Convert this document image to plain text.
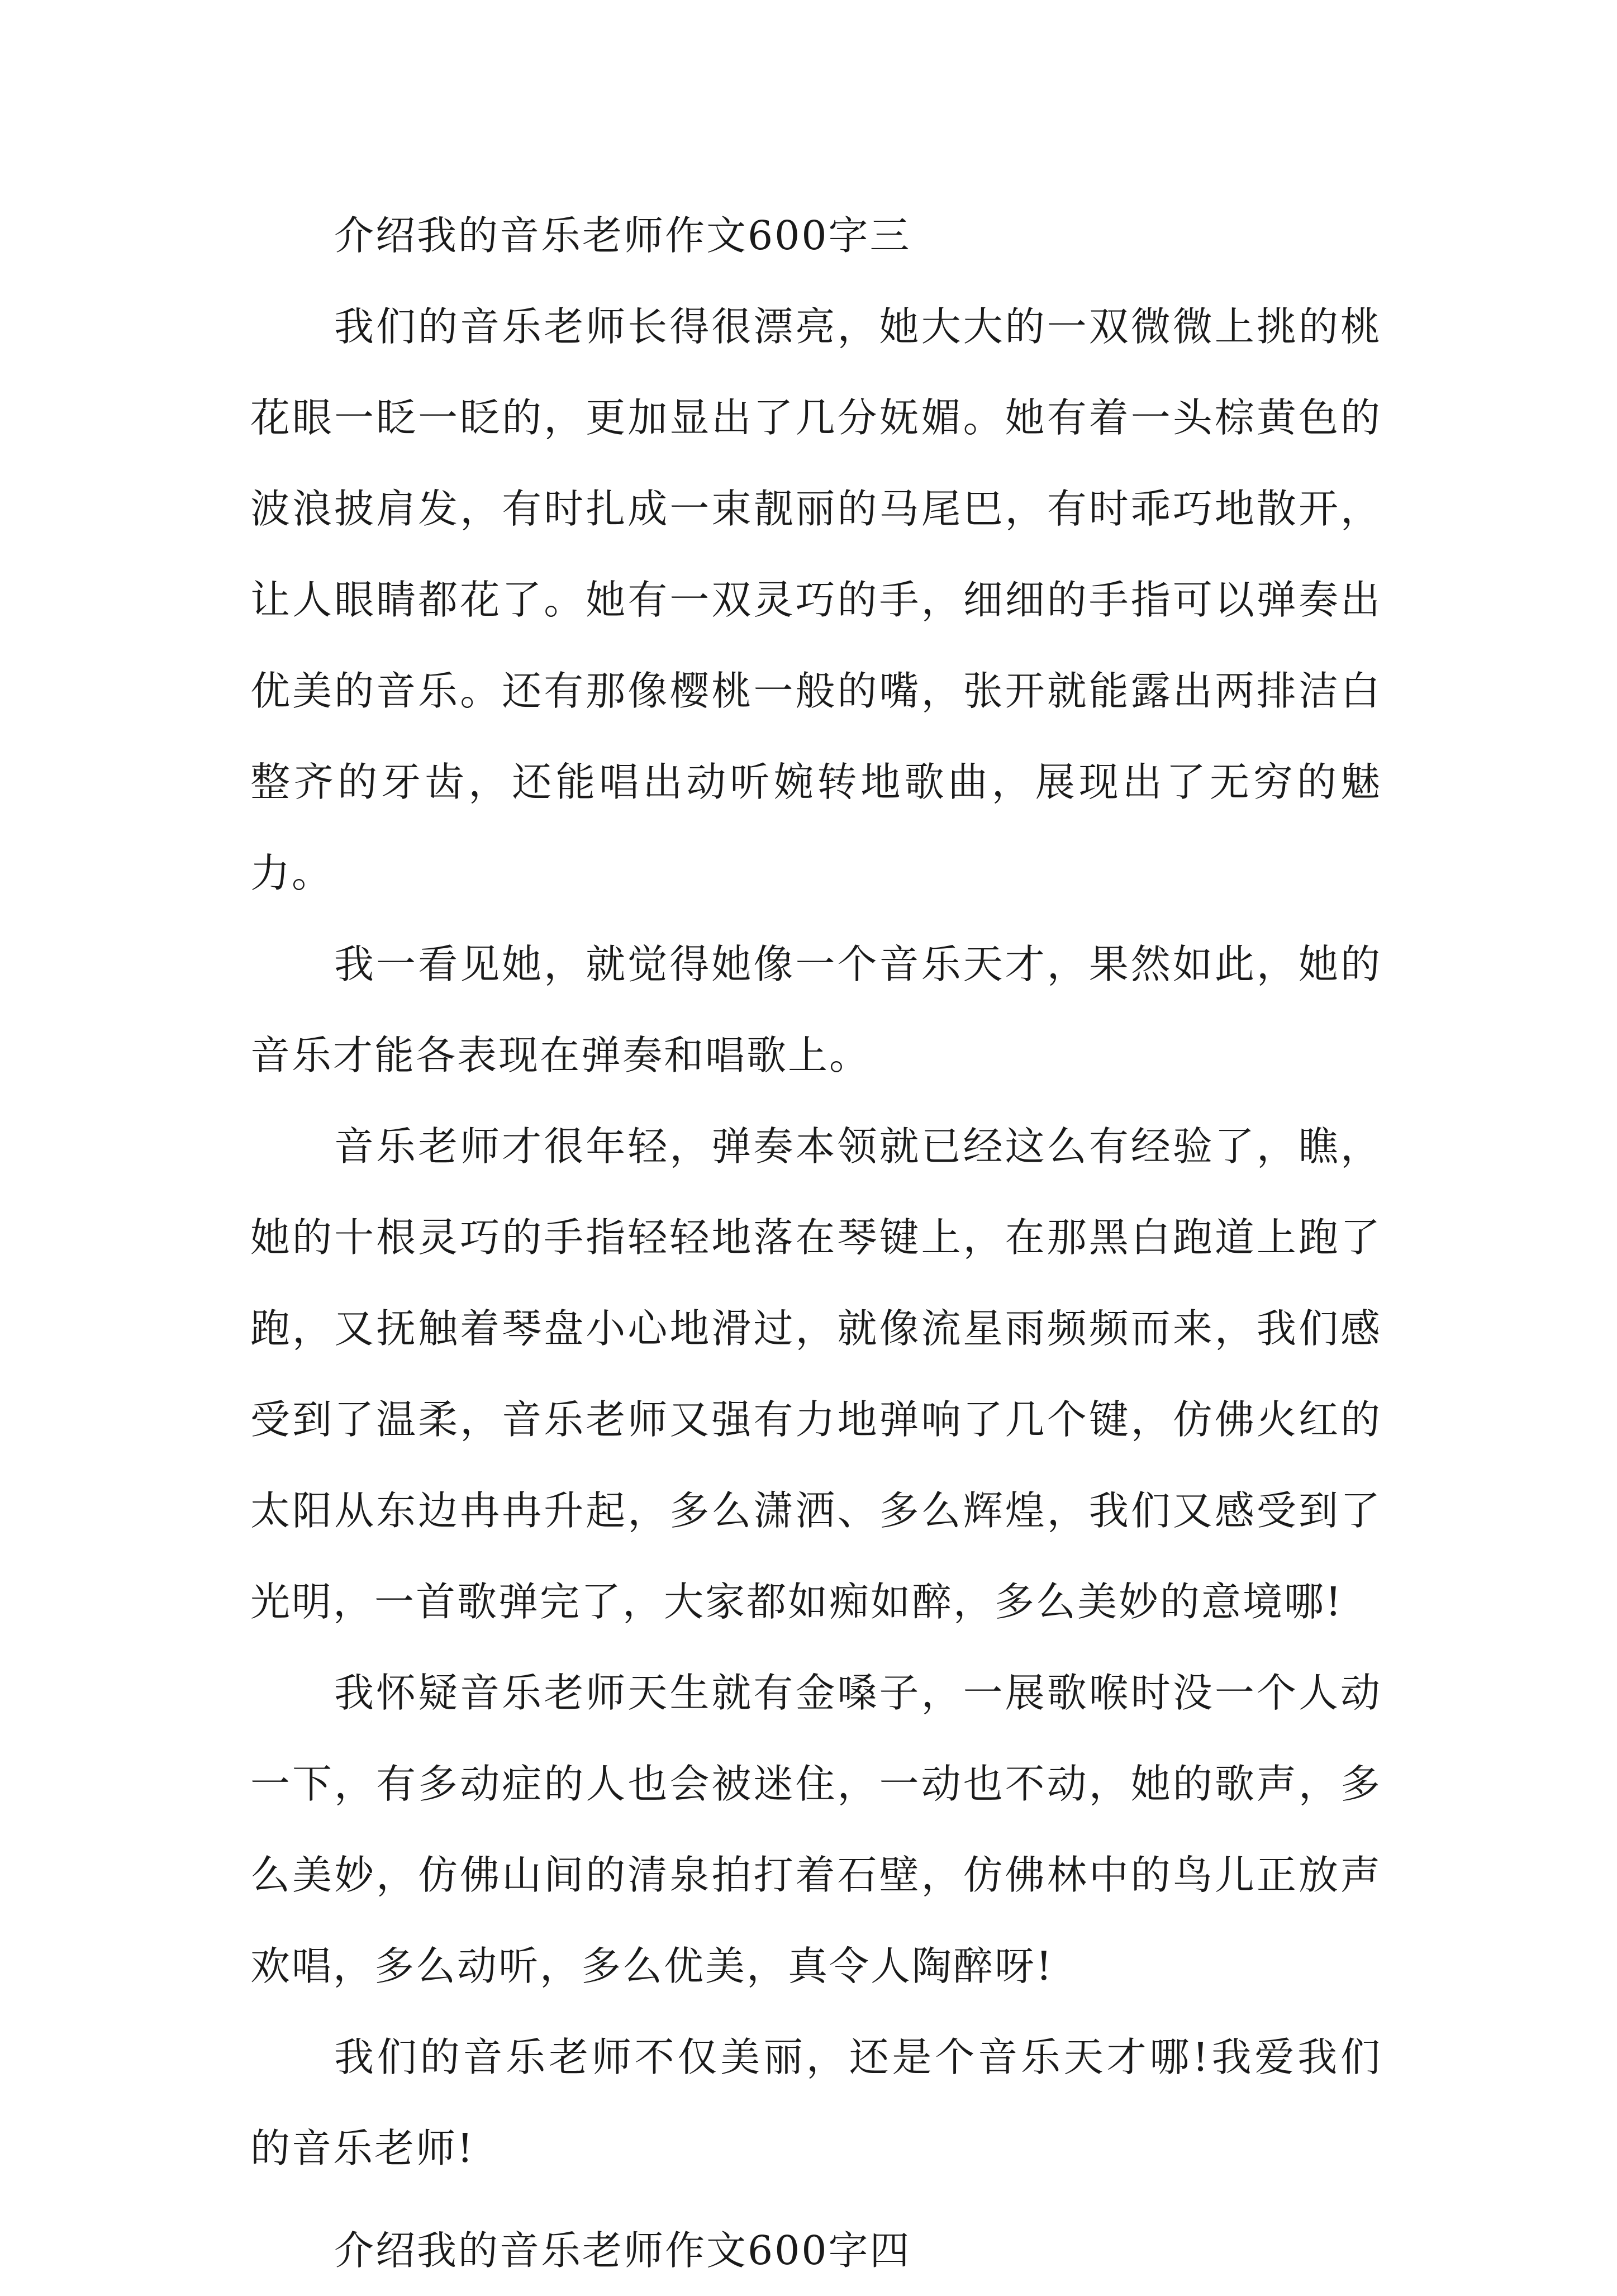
介绍我的音乐老师作文600字三

我们的音乐老师长得很漂亮，她大大的一双微微上挑的桃花眼一眨一眨的，更加显出了几分妩媚。她有着一头棕黄色的波浪披肩发，有时扎成一束靓丽的马尾巴，有时乖巧地散开，让人眼睛都花了。她有一双灵巧的手，细细的手指可以弹奏出优美的音乐。还有那像樱桃一般的嘴，张开就能露出两排洁白整齐的牙齿，还能唱出动听婉转地歌曲，展现出了无穷的魅力。

我一看见她，就觉得她像一个音乐天才，果然如此，她的音乐才能各表现在弹奏和唱歌上。

音乐老师才很年轻，弹奏本领就已经这么有经验了，瞧，她的十根灵巧的手指轻轻地落在琴键上，在那黑白跑道上跑了跑，又抚触着琴盘小心地滑过，就像流星雨频频而来，我们感受到了温柔，音乐老师又强有力地弹响了几个键，仿佛火红的太阳从东边冉冉升起，多么潇洒、多么辉煌，我们又感受到了光明，一首歌弹完了，大家都如痴如醉，多么美妙的意境哪!

我怀疑音乐老师天生就有金嗓子，一展歌喉时没一个人动一下，有多动症的人也会被迷住，一动也不动，她的歌声，多么美妙，仿佛山间的清泉拍打着石壁，仿佛林中的鸟儿正放声欢唱，多么动听，多么优美，真令人陶醉呀!

我们的音乐老师不仅美丽，还是个音乐天才哪!我爱我们的音乐老师!

介绍我的音乐老师作文600字四
